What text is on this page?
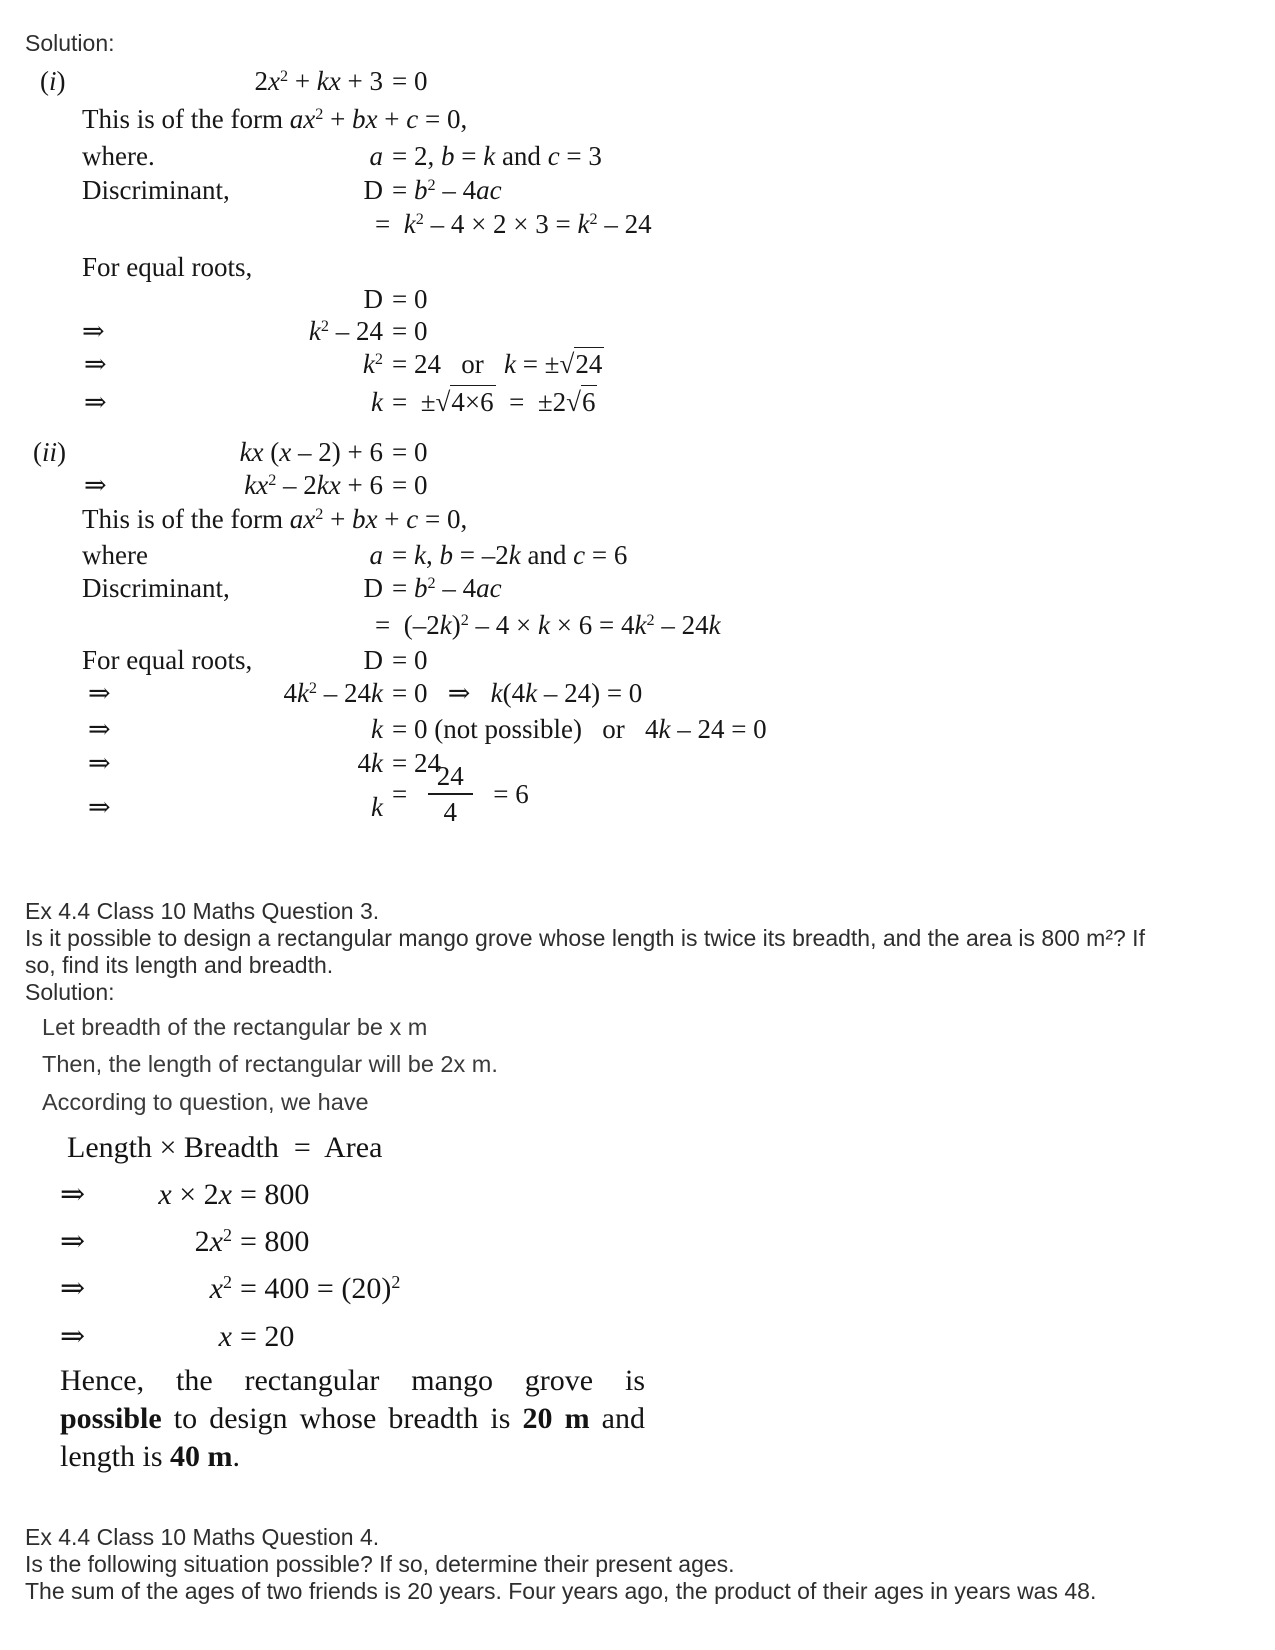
Solution:
(i)	$2x^2$ + kx + 3 = 0
This is of the form $ax^2$ + bx + c = 0,
where.	a = 2, b = k and c = 3
Discriminant,	$D = b^2 - 4ac$
=  $k^2 - 4 \times 2 \times 3 = k^2 - 24$
For equal roots,
D = 0
⇒	$k^2 - 24 = 0$
⇒	$k^2 = 24$   or   k = ±√24
⇒	k =  ±√4×6  =  ±2√6
(ii)	kx (x – 2) + 6 = 0
⇒	$kx^2 - 2kx + 6 = 0$
This is of the form $ax^2$ + bx + c = 0,
where	a = k, b = –2k and c = 6
Discriminant,	$D = b^2 - 4ac$
=  $(-2k)^2 - 4 \times k \times 6 = 4k^2 - 24k$
For equal roots,	D = 0
⇒	$4k^2 - 24k = 0$   ⇒   k(4k – 24) = 0
⇒	k = 0 (not possible)   or   4k – 24 = 0
⇒	4k = 24
⇒	$k = \frac{24}{4} = 6$
Ex 4.4 Class 10 Maths Question 3.
Is it possible to design a rectangular mango grove whose length is twice its breadth, and the area is 800 m²? If
so, find its length and breadth.
Solution:
Let breadth of the rectangular be x m
Then, the length of rectangular will be 2x m.
According to question, we have
Length × Breadth  =  Area
⇒	x × 2x = 800
⇒	$2x^2 = 800$
⇒	$x^2 = 400 = (20)^2$
⇒	x = 20
Hence, the rectangular mango grove is
possible to design whose breadth is 20 m and
length is 40 m.
Ex 4.4 Class 10 Maths Question 4.
Is the following situation possible? If so, determine their present ages.
The sum of the ages of two friends is 20 years. Four years ago, the product of their ages in years was 48.
